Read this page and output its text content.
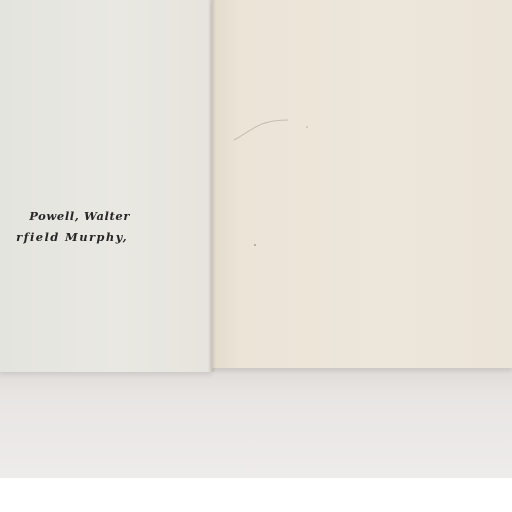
Powell, Walter
rfield Murphy,
